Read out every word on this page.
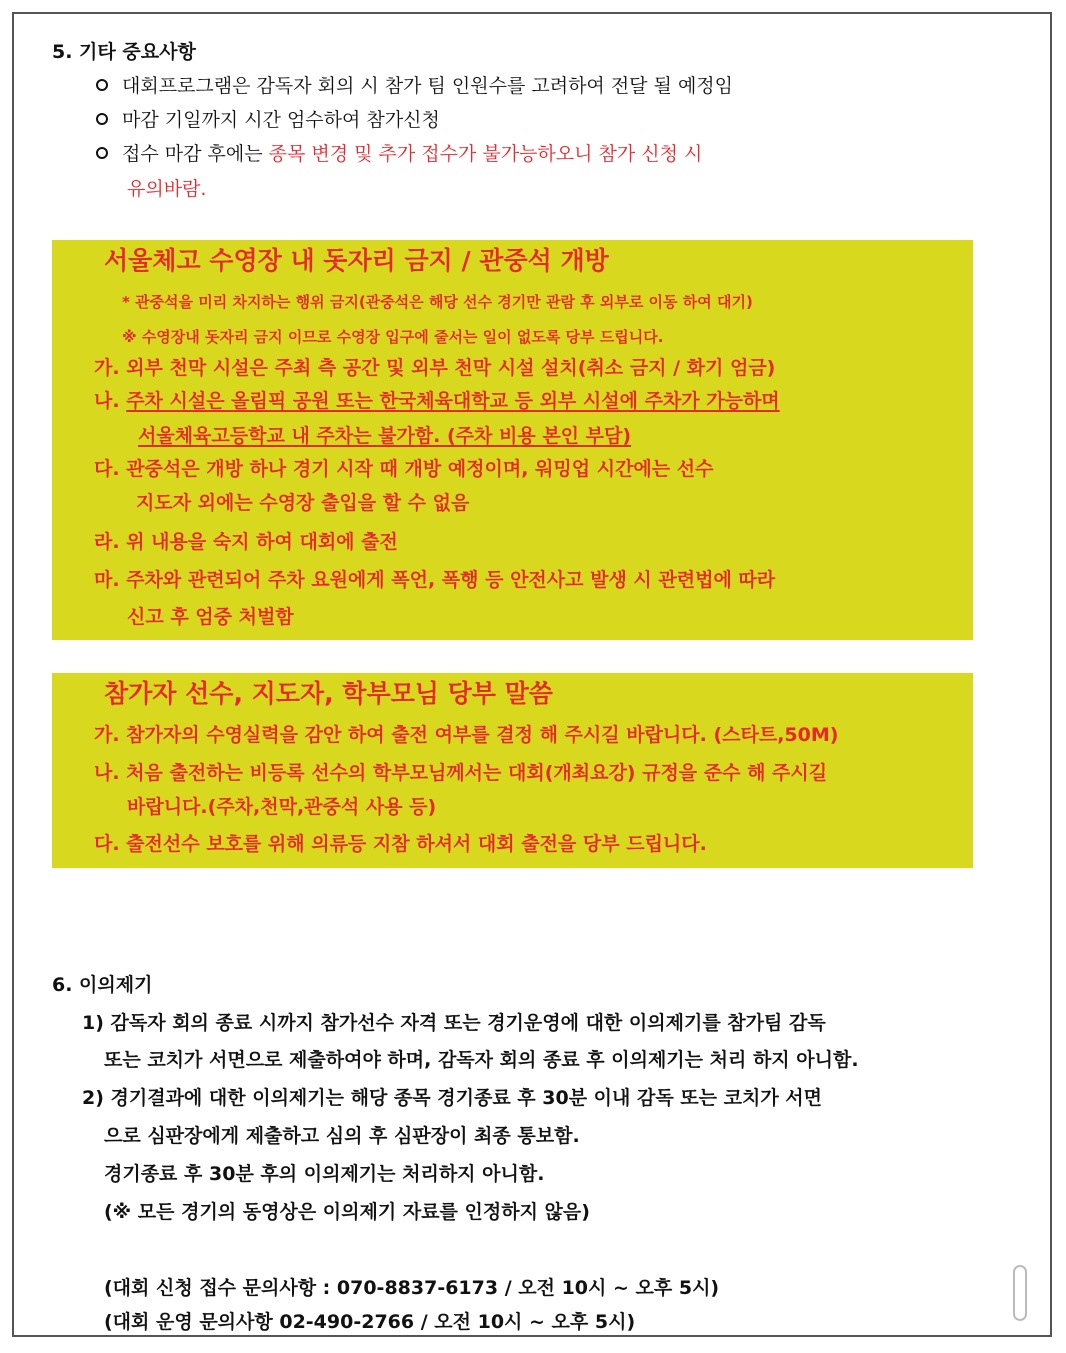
5. 기타 중요사항
대회프로그램은 감독자 회의 시 참가 팀 인원수를 고려하여 전달 될 예정임
마감 기일까지 시간 엄수하여 참가신청
접수 마감 후에는 종목 변경 및 추가 접수가 불가능하오니 참가 신청 시
유의바람.
서울체고 수영장 내 돗자리 금지 / 관중석 개방
* 관중석을 미리 차지하는 행위 금지(관중석은 해당 선수 경기만 관람 후 외부로 이동 하여 대기)
※ 수영장내 돗자리 금지 이므로 수영장 입구에 줄서는 일이 없도록 당부 드립니다.
가. 외부 천막 시설은 주최 측 공간 및 외부 천막 시설 설치(취소 금지 / 화기 엄금)
나. 주차 시설은 올림픽 공원 또는 한국체육대학교 등 외부 시설에 주차가 가능하며
서울체육고등학교 내 주차는 불가함. (주차 비용 본인 부담)
다. 관중석은 개방 하나 경기 시작 때 개방 예정이며, 워밍업 시간에는 선수
지도자 외에는 수영장 출입을 할 수 없음
라. 위 내용을 숙지 하여 대회에 출전
마. 주차와 관련되어 주차 요원에게 폭언, 폭행 등 안전사고 발생 시 관련법에 따라
신고 후 엄중 처벌함
참가자 선수, 지도자, 학부모님 당부 말씀
가. 참가자의 수영실력을 감안 하여 출전 여부를 결정 해 주시길 바랍니다. (스타트,50M)
나. 처음 출전하는 비등록 선수의 학부모님께서는 대회(개최요강) 규정을 준수 해 주시길
바랍니다.(주차,천막,관중석 사용 등)
다. 출전선수 보호를 위해 의류등 지참 하셔서 대회 출전을 당부 드립니다.
6. 이의제기
1) 감독자 회의 종료 시까지 참가선수 자격 또는 경기운영에 대한 이의제기를 참가팀 감독
또는 코치가 서면으로 제출하여야 하며, 감독자 회의 종료 후 이의제기는 처리 하지 아니함.
2) 경기결과에 대한 이의제기는 해당 종목 경기종료 후 30분 이내 감독 또는 코치가 서면
으로 심판장에게 제출하고 심의 후 심판장이 최종 통보함.
경기종료 후 30분 후의 이의제기는 처리하지 아니함.
(※ 모든 경기의 동영상은 이의제기 자료를 인정하지 않음)
(대회 신청 접수 문의사항 : 070-8837-6173 / 오전 10시 ~ 오후 5시)
(대회 운영 문의사항 02-490-2766 / 오전 10시 ~ 오후 5시)
